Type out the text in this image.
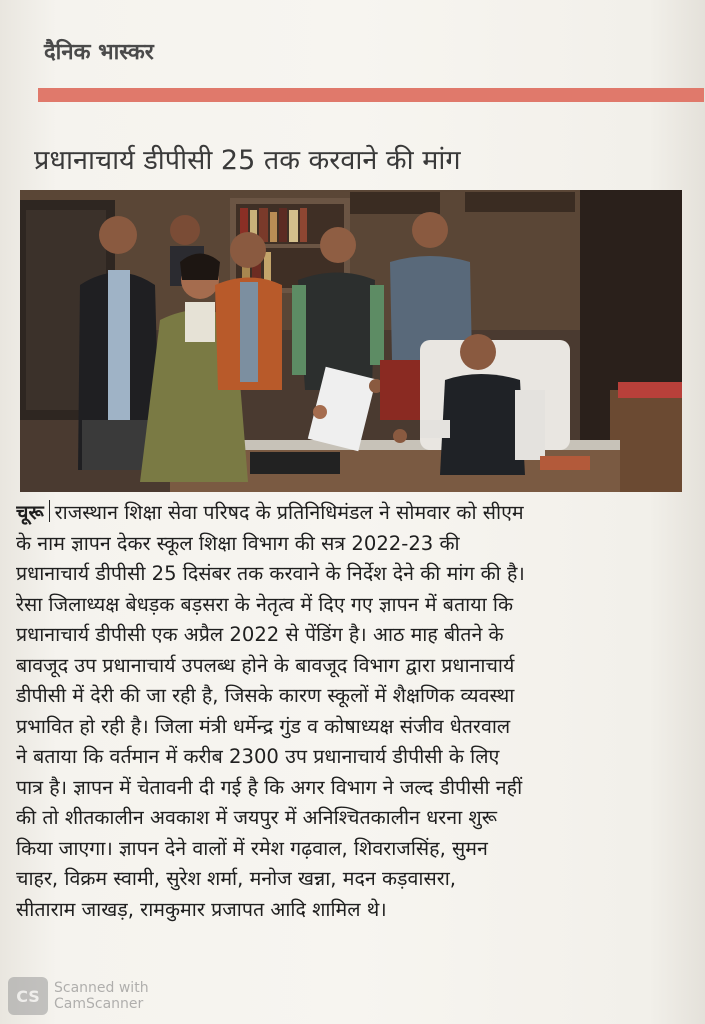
दैनिक भास्कर
प्रधानाचार्य डीपीसी 25 तक करवाने की मांग
चूरू राजस्थान शिक्षा सेवा परिषद के प्रतिनिधिमंडल ने सोमवार को सीएम
के नाम ज्ञापन देकर स्कूल शिक्षा विभाग की सत्र 2022-23 की
प्रधानाचार्य डीपीसी 25 दिसंबर तक करवाने के निर्देश देने की मांग की है।
रेसा जिलाध्यक्ष बेधड़क बड़सरा के नेतृत्व में दिए गए ज्ञापन में बताया कि
प्रधानाचार्य डीपीसी एक अप्रैल 2022 से पेंडिंग है। आठ माह बीतने के
बावजूद उप प्रधानाचार्य उपलब्ध होने के बावजूद विभाग द्वारा प्रधानाचार्य
डीपीसी में देरी की जा रही है, जिसके कारण स्कूलों में शैक्षणिक व्यवस्था
प्रभावित हो रही है। जिला मंत्री धर्मेन्द्र गुंड व कोषाध्यक्ष संजीव धेतरवाल
ने बताया कि वर्तमान में करीब 2300 उप प्रधानाचार्य डीपीसी के लिए
पात्र है। ज्ञापन में चेतावनी दी गई है कि अगर विभाग ने जल्द डीपीसी नहीं
की तो शीतकालीन अवकाश में जयपुर में अनिश्चितकालीन धरना शुरू
किया जाएगा। ज्ञापन देने वालों में रमेश गढ़वाल, शिवराजसिंह, सुमन
चाहर, विक्रम स्वामी, सुरेश शर्मा, मनोज खन्ना, मदन कड़वासरा,
सीताराम जाखड़, रामकुमार प्रजापत आदि शामिल थे।
CS	Scanned with
CamScanner
